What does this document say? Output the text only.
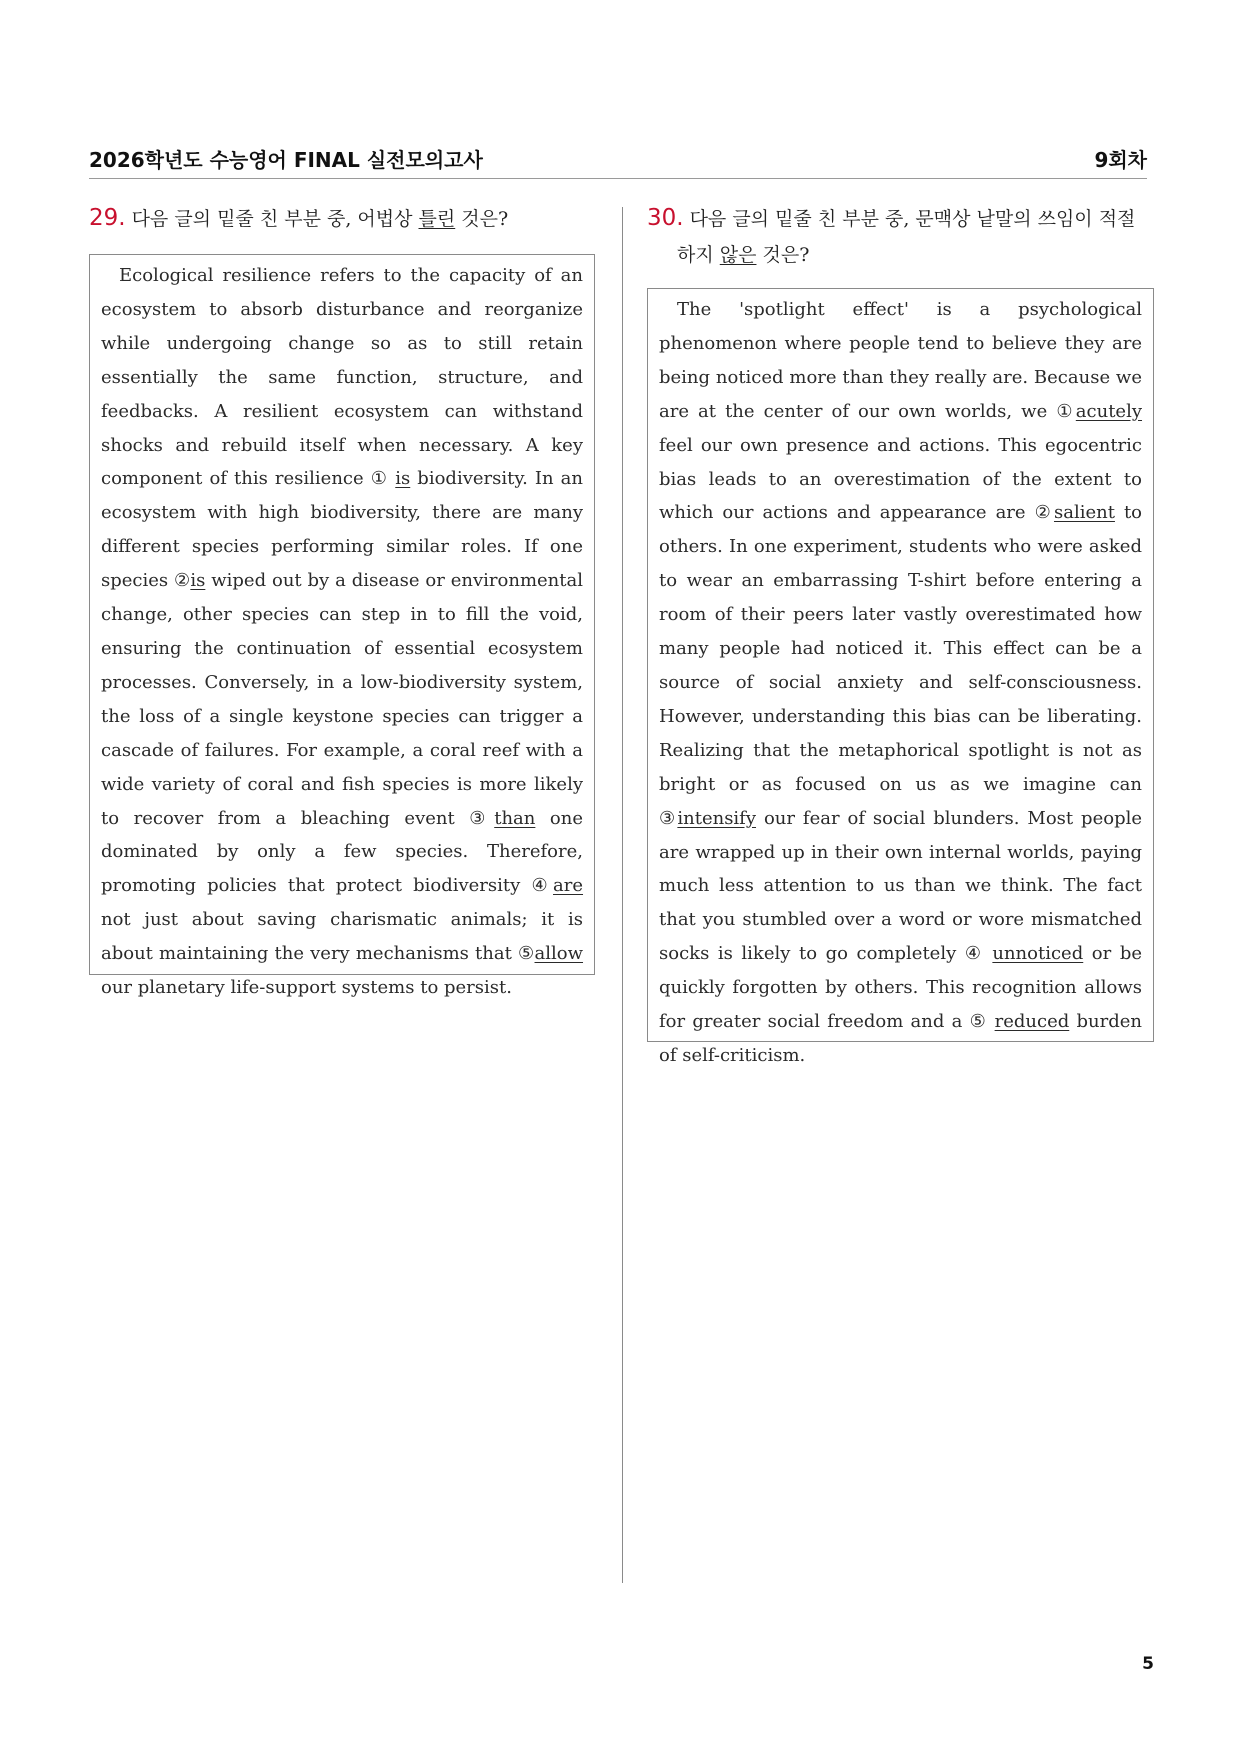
2026학년도 수능영어 FINAL 실전모의고사	9회차
29. 다음 글의 밑줄 친 부분 중, 어법상 틀린 것은?
Ecological resilience refers to the capacity of an ecosystem to absorb disturbance and reorganize while undergoing change so as to still retain essentially the same function, structure, and feedbacks. A resilient ecosystem can withstand shocks and rebuild itself when necessary. A key component of this resilience ① is biodiversity. In an ecosystem with high biodiversity, there are many different species performing similar roles. If one species ②is wiped out by a disease or environmental change, other species can step in to fill the void, ensuring the continuation of essential ecosystem processes. Conversely, in a low-biodiversity system, the loss of a single keystone species can trigger a cascade of failures. For example, a coral reef with a wide variety of coral and fish species is more likely to recover from a bleaching event ③than one dominated by only a few species. Therefore, promoting policies that protect biodiversity ④are not just about saving charismatic animals; it is about maintaining the very mechanisms that ⑤allow our planetary life-support systems to persist.
30. 다음 글의 밑줄 친 부분 중, 문맥상 낱말의 쓰임이 적절
하지 않은 것은?
The 'spotlight effect' is a psychological phenomenon where people tend to believe they are being noticed more than they really are. Because we are at the center of our own worlds, we ①acutely feel our own presence and actions. This egocentric bias leads to an overestimation of the extent to which our actions and appearance are ②salient to others. In one experiment, students who were asked to wear an embarrassing T-shirt before entering a room of their peers later vastly overestimated how many people had noticed it. This effect can be a source of social anxiety and self-consciousness. However, understanding this bias can be liberating. Realizing that the metaphorical spotlight is not as bright or as focused on us as we imagine can ③intensify our fear of social blunders. Most people are wrapped up in their own internal worlds, paying much less attention to us than we think. The fact that you stumbled over a word or wore mismatched socks is likely to go completely ④ unnoticed or be quickly forgotten by others. This recognition allows for greater social freedom and a ⑤ reduced burden of self-criticism.
5
